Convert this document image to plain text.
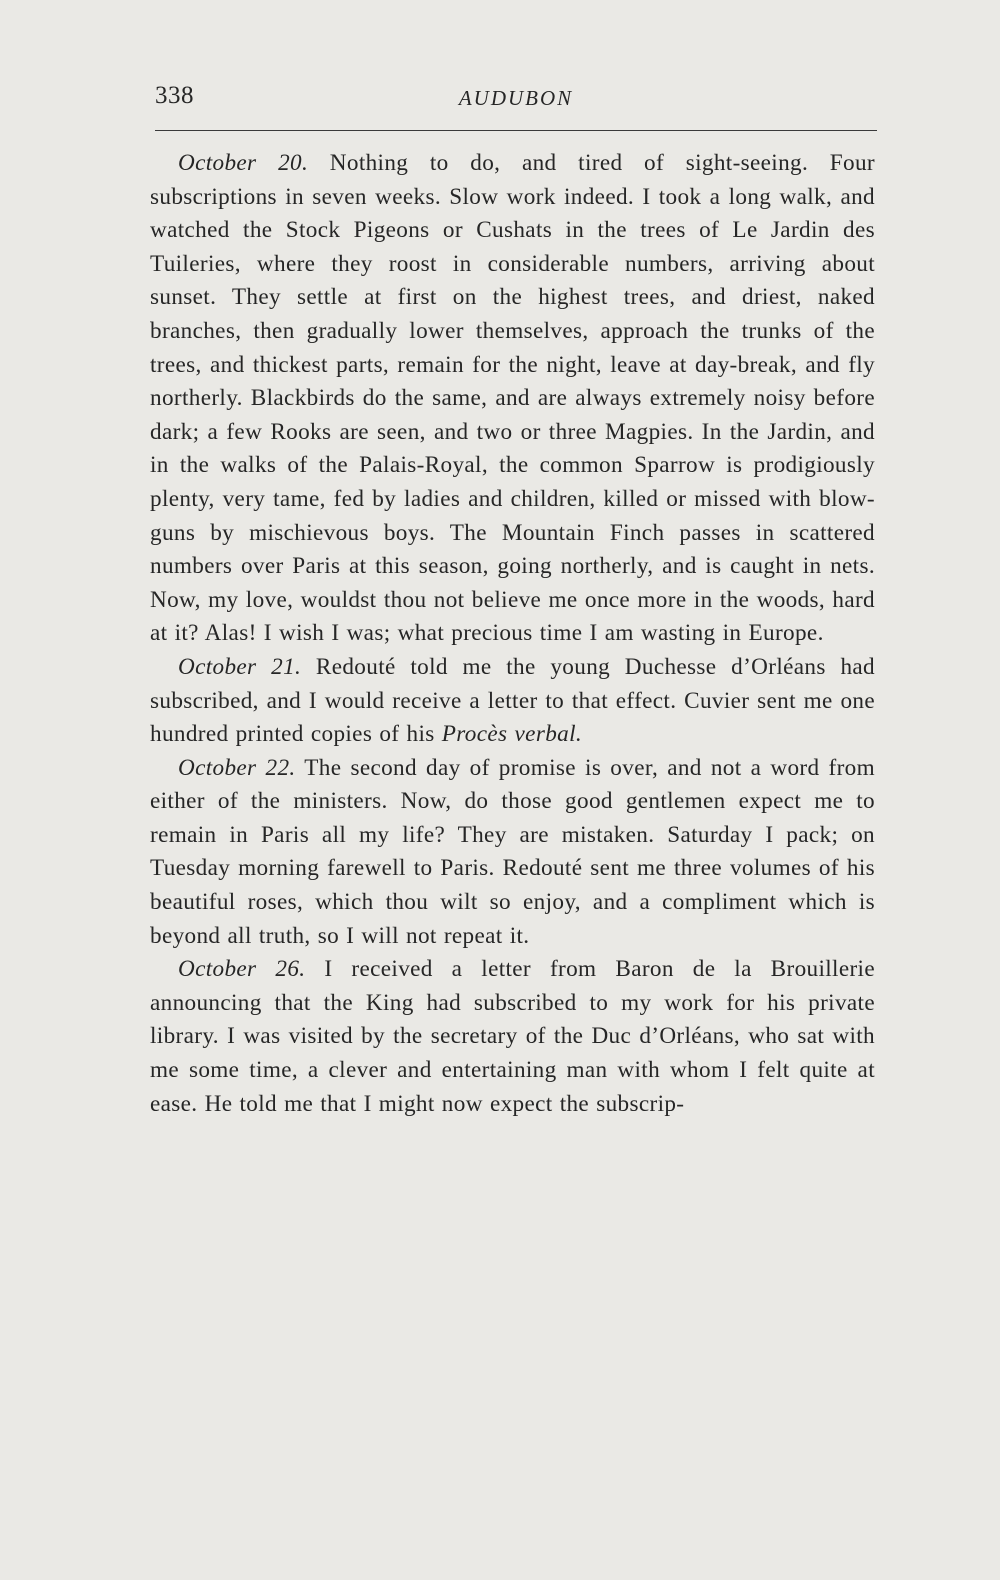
338	AUDUBON

October 20. Nothing to do, and tired of sight-seeing. Four subscriptions in seven weeks. Slow work indeed. I took a long walk, and watched the Stock Pigeons or Cushats in the trees of Le Jardin des Tuileries, where they roost in considerable numbers, arriving about sunset. They settle at first on the highest trees, and driest, naked branches, then gradually lower themselves, approach the trunks of the trees, and thickest parts, remain for the night, leave at day-break, and fly northerly. Blackbirds do the same, and are always extremely noisy before dark; a few Rooks are seen, and two or three Magpies. In the Jardin, and in the walks of the Palais-Royal, the common Sparrow is prodigiously plenty, very tame, fed by ladies and children, killed or missed with blow-guns by mischievous boys. The Mountain Finch passes in scattered numbers over Paris at this season, going northerly, and is caught in nets. Now, my love, wouldst thou not believe me once more in the woods, hard at it? Alas! I wish I was; what precious time I am wasting in Europe.

October 21. Redouté told me the young Duchesse d’Orléans had subscribed, and I would receive a letter to that effect. Cuvier sent me one hundred printed copies of his Procès verbal.

October 22. The second day of promise is over, and not a word from either of the ministers. Now, do those good gentlemen expect me to remain in Paris all my life? They are mistaken. Saturday I pack; on Tuesday morning farewell to Paris. Redouté sent me three volumes of his beautiful roses, which thou wilt so enjoy, and a compliment which is beyond all truth, so I will not repeat it.

October 26. I received a letter from Baron de la Brouillerie announcing that the King had subscribed to my work for his private library. I was visited by the secretary of the Duc d’Orléans, who sat with me some time, a clever and entertaining man with whom I felt quite at ease. He told me that I might now expect the subscrip-
